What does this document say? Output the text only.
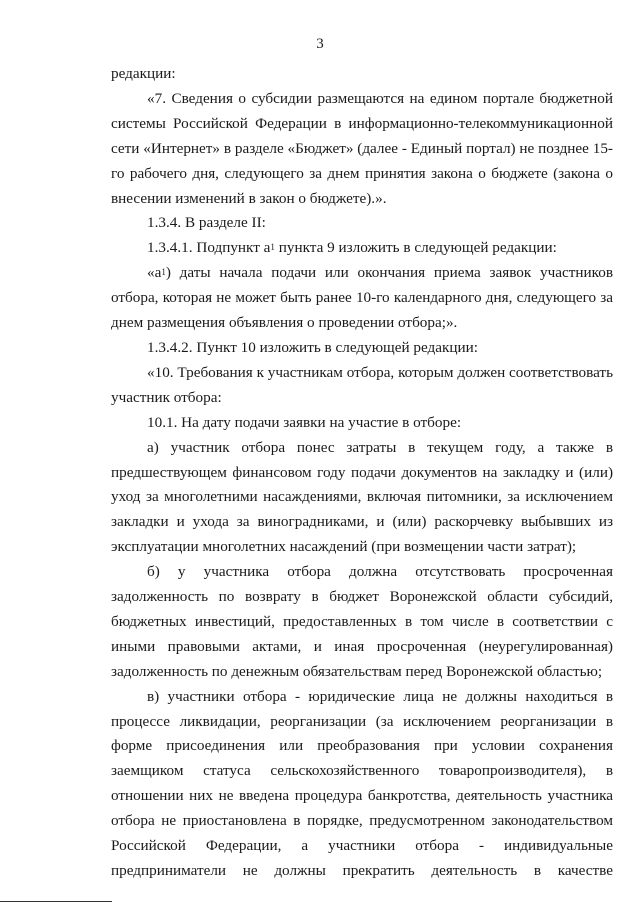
3

редакции:

«7. Сведения о субсидии размещаются на едином портале бюджетной системы Российской Федерации в информационно-телекоммуникационной сети «Интернет» в разделе «Бюджет» (далее - Единый портал) не позднее 15-го рабочего дня, следующего за днем принятия закона о бюджете (закона о внесении изменений в закон о бюджете).».

1.3.4. В разделе II:

1.3.4.1. Подпункт $а^1$ пункта 9 изложить в следующей редакции:

«$а^1$) даты начала подачи или окончания приема заявок участников отбора, которая не может быть ранее 10-го календарного дня, следующего за днем размещения объявления о проведении отбора;».

1.3.4.2. Пункт 10 изложить в следующей редакции:

«10. Требования к участникам отбора, которым должен соответствовать участник отбора:

10.1. На дату подачи заявки на участие в отборе:

а) участник отбора понес затраты в текущем году, а также в предшествующем финансовом году подачи документов на закладку и (или) уход за многолетними насаждениями, включая питомники, за исключением закладки и ухода за виноградниками, и (или) раскорчевку выбывших из эксплуатации многолетних насаждений (при возмещении части затрат);

б) у участника отбора должна отсутствовать просроченная задолженность по возврату в бюджет Воронежской области субсидий, бюджетных инвестиций, предоставленных в том числе в соответствии с иными правовыми актами, и иная просроченная (неурегулированная) задолженность по денежным обязательствам перед Воронежской областью;

в) участники отбора - юридические лица не должны находиться в процессе ликвидации, реорганизации (за исключением реорганизации в форме присоединения или преобразования при условии сохранения заемщиком статуса сельскохозяйственного товаропроизводителя), в отношении них не введена процедура банкротства, деятельность участника отбора не приостановлена в порядке, предусмотренном законодательством Российской Федерации, а участники отбора - индивидуальные предприниматели не должны прекратить деятельность в качестве
